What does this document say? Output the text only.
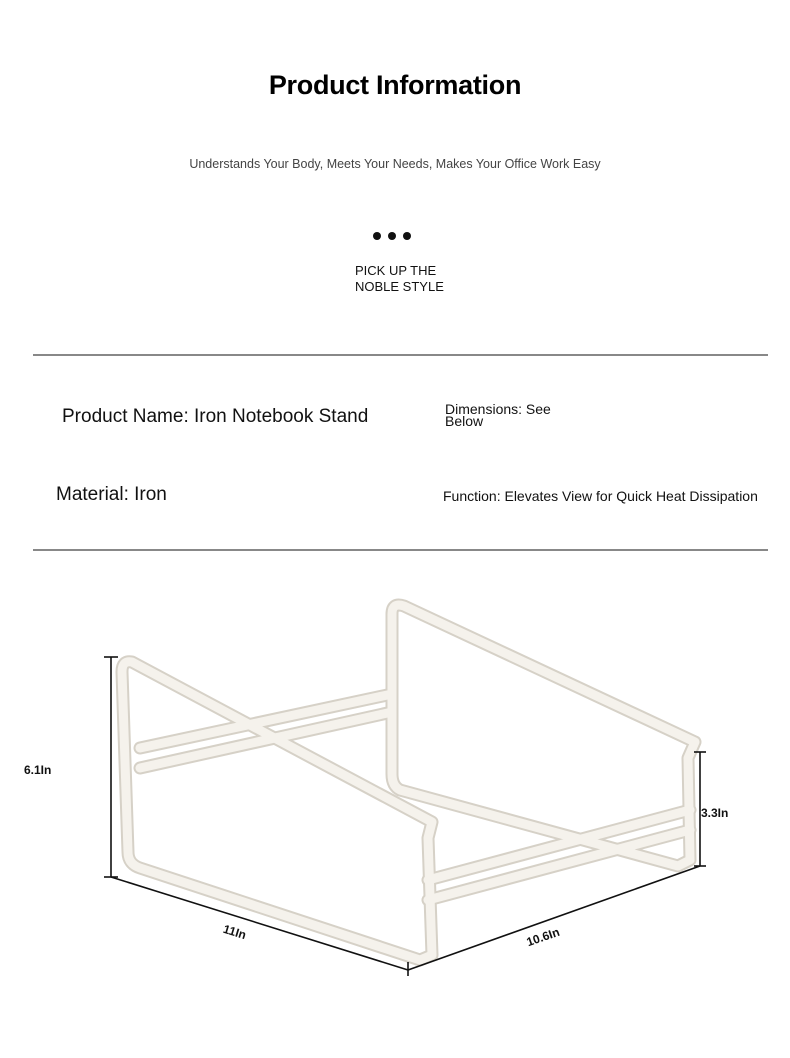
Product Information
Understands Your Body, Meets Your Needs, Makes Your Office Work Easy
PICK UP THE
NOBLE STYLE
Product Name: Iron Notebook Stand	Dimensions: See
Below
Material: Iron	Function: Elevates View for Quick Heat Dissipation
6.1In
3.3In
11In	10.6In
